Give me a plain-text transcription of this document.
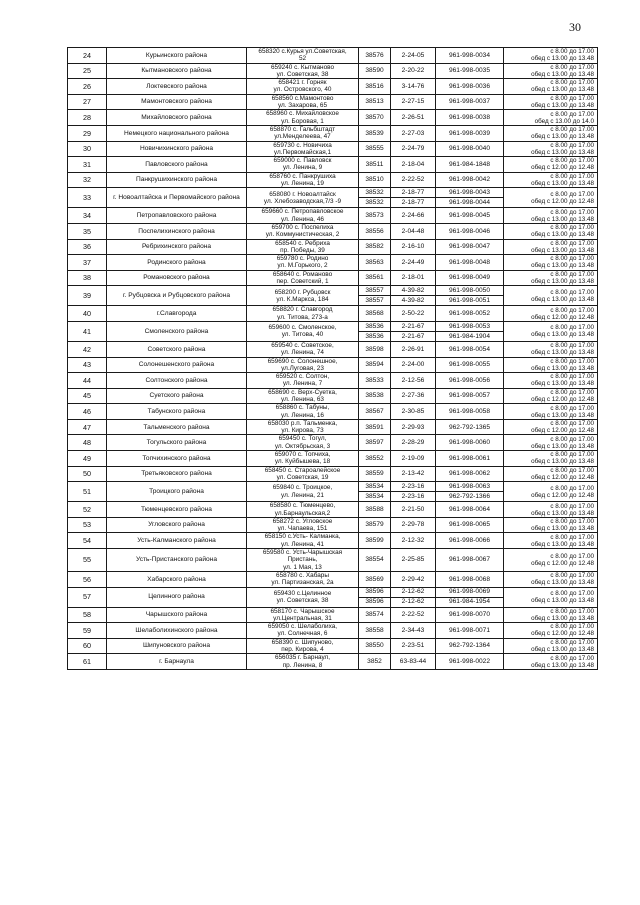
30
24	Курьинского района	658320 с.Курья ул.Советская,
52	38576	2-24-05	961-998-0034	с 8.00 до 17.00
обед с 13.00 до 13.48

25	Кытмановского района	659240 с. Кытманово
ул. Советская, 38	38590	2-20-22	961-998-0035	с 8.00 до 17.00
обед с 13.00 до 13.48

26	Локтевского района	658421 г. Горняк
ул. Островского, 40	38516	3-14-76	961-998-0036	с 8.00 до 17.00
обед с 13.00 до 13.48

27	Мамонтовского района	658560 с.Мамонтово
ул. Захарова, 65	38513	2-27-15	961-998-0037	с 8.00 до 17.00
обед с 13.00 до 13.48

28	Михайловского района	658960 с. Михайловское
ул. Боровая, 1	38570	2-26-51	961-998-0038	с 8.00 до 17.00
обед с 13.00 до 14.0

29	Немецкого национального района	658870 с. Гальбштадт
ул.Менделеева, 47	38539	2-27-03	961-998-0039	с 8.00 до 17.00
обед с 13.00 до 13.48

30	Новичихинского района	659730 с. Новичиха
ул.Первомайская,1	38555	2-24-79	961-998-0040	с 8.00 до 17.00
обед с 13.00 до 13.48

31	Павловского района	659000 с. Павловск
ул. Ленина, 9	38511	2-18-04	961-984-1848	с 8.00 до 17.00
обед с 12.00 до 12.48

32	Панкрушихинского района	658760 с. Панкрушиха
ул. Ленина, 19	38510	2-22-52	961-998-0042	с 8.00 до 17.00
обед с 13.00 до 13.48

33	г. Новоалтайска и Первомайского района	658080 г. Новоалтайск
ул. Хлебозаводская,7/3 -9	38532	2-18-77	961-998-0043	с 8.00 до 17.00
обед с 12.00 до 12.48

			38532	2-18-77	961-998-0044	
34	Петропавловского района	659660 с. Петропавловское
ул. Ленина, 46	38573	2-24-66	961-998-0045	с 8.00 до 17.00
обед с 13.00 до 13.48

35	Поспелихинского района	659700 с. Поспелиха
ул. Коммунистическая, 2	38556	2-04-48	961-998-0046	с 8.00 до 17.00
обед с 13.00 до 13.48

36	Ребрихинского района	658540 с. Ребриха
пр. Победы, 39	38582	2-16-10	961-998-0047	с 8.00 до 17.00
обед с 13.00 до 13.48

37	Родинского района	659780 с. Родино
ул. М.Горького, 2	38563	2-24-49	961-998-0048	с 8.00 до 17.00
обед с 13.00 до 13.48

38	Романовского района	658640 с. Романово
пер. Советский, 1	38561	2-18-01	961-998-0049	с 8.00 до 17.00
обед с 13.00 до 13.48

39	г. Рубцовска и Рубцовского района	658200 г. Рубцовск
ул. К.Маркса, 184	38557	4-39-82	961-998-0050	с 8.00 до 17.00
обед с 13.00 до 13.48

			38557	4-39-82	961-998-0051	
40	г.Славгорода	658820 г. Славгород
ул. Титова, 273-а	38568	2-50-22	961-998-0052	с 8.00 до 17.00
обед с 12.00 до 12.48

41	Смоленского района	659600 с. Смоленское,
ул. Титова, 40	38536	2-21-67	961-998-0053	с 8.00 до 17.00
обед с 13.00 до 13.48

			38536	2-21-67	961-984-1904	
42	Советского района	659540 с. Советское,
ул. Ленина, 74	38598	2-26-91	961-998-0054	с 8.00 до 17.00
обед с 13.00 до 13.48

43	Солонешенского района	659690 с. Солонешное,
ул.Луговая, 23	38594	2-24-00	961-998-0055	с 8.00 до 17.00
обед с 13.00 до 13.48

44	Солтонского района	659520 с. Солтон,
ул. Ленина, 7	38533	2-12-56	961-998-0056	с 8.00 до 17.00
обед с 13.00 до 13.48

45	Суетского района	658690 с. Верх-Суетка,
ул. Ленина, 63	38538	2-27-36	961-998-0057	с 8.00 до 17.00
обед с 12.00 до 12.48

46	Табунского района	658860 с. Табуны,
ул. Ленина, 16	38567	2-30-85	961-998-0058	с 8.00 до 17.00
обед с 13.00 до 13.48

47	Тальменского района	658030 р.п. Тальменка,
ул. Кирова, 73	38591	2-29-93	962-792-1365	с 8.00 до 17.00
обед с 12.00 до 12.48

48	Тогульского района	659450 с. Тогул,
ул. Октябрьская, 3	38597	2-28-29	961-998-0060	с 8.00 до 17.00
обед с 13.00 до 13.48

49	Топчихинского района	659070 с. Топчиха,
ул. Куйбышева, 18	38552	2-19-09	961-998-0061	с 8.00 до 17.00
обед с 13.00 до 13.48

50	Третьяковского района	658450 с. Староалейское
ул. Советская, 19	38559	2-13-42	961-998-0062	с 8.00 до 17.00
обед с 12.00 до 12.48

51	Троицкого района	659840 с. Троицкое,
ул. Ленина, 21	38534	2-23-16	961-998-0063	с 8.00 до 17.00
обед с 12.00 до 12.48

			38534	2-23-16	962-792-1366	
52	Тюменцевского района	658580 с. Тюменцево,
ул.Барнаульская,2	38588	2-21-50	961-998-0064	с 8.00 до 17.00
обед с 13.00 до 13.48

53	Угловского района	658272 с. Угловское
ул. Чапаева, 151	38579	2-29-78	961-998-0065	с 8.00 до 17.00
обед с 13.00 до 13.48

54	Усть-Калманского района	658150 с.Усть- Калманка,
ул. Ленина, 41	38599	2-12-32	961-998-0066	с 8.00 до 17.00
обед с 13.00 до 13.48

55	Усть-Пристанского района	659580 с. Усть-Чарышская
Пристань,
ул. 1 Мая, 13	38554	2-25-85	961-998-0067	с 8.00 до 17.00
обед с 12.00 до 12.48

56	Хабарского района	658780 с. Хабары
ул. Партизанская, 2а	38569	2-29-42	961-998-0068	с 8.00 до 17.00
обед с 13.00 до 13.48

57	Целинного района	659430 с.Целинное
ул. Советская, 38	38596	2-12-62	961-998-0069	с 8.00 до 17.00
обед с 13.00 до 13.48

			38596	2-12-62	961-984-1954	
58	Чарышского района	658170 с. Чарышское
ул.Центральная, 31	38574	2-22-52	961-998-0070	с 8.00 до 17.00
обед с 13.00 до 13.48

59	Шелаболихинского района	659050 с. Шелаболиха,
ул. Солнечная, 6	38558	2-34-43	961-998-0071	с 8.00 до 17.00
обед с 12.00 до 12.48

60	Шипуновского района	658390 с. Шипуново,
пер. Кирова, 4	38550	2-23-51	962-792-1364	с 8.00 до 17.00
обед с 13.00 до 13.48

61	г. Барнаула	656035 г. Барнаул,
пр. Ленина, 8	3852	63-83-44	961-998-0022	с 8.00 до 17.00
обед с 13.00 до 13.48
